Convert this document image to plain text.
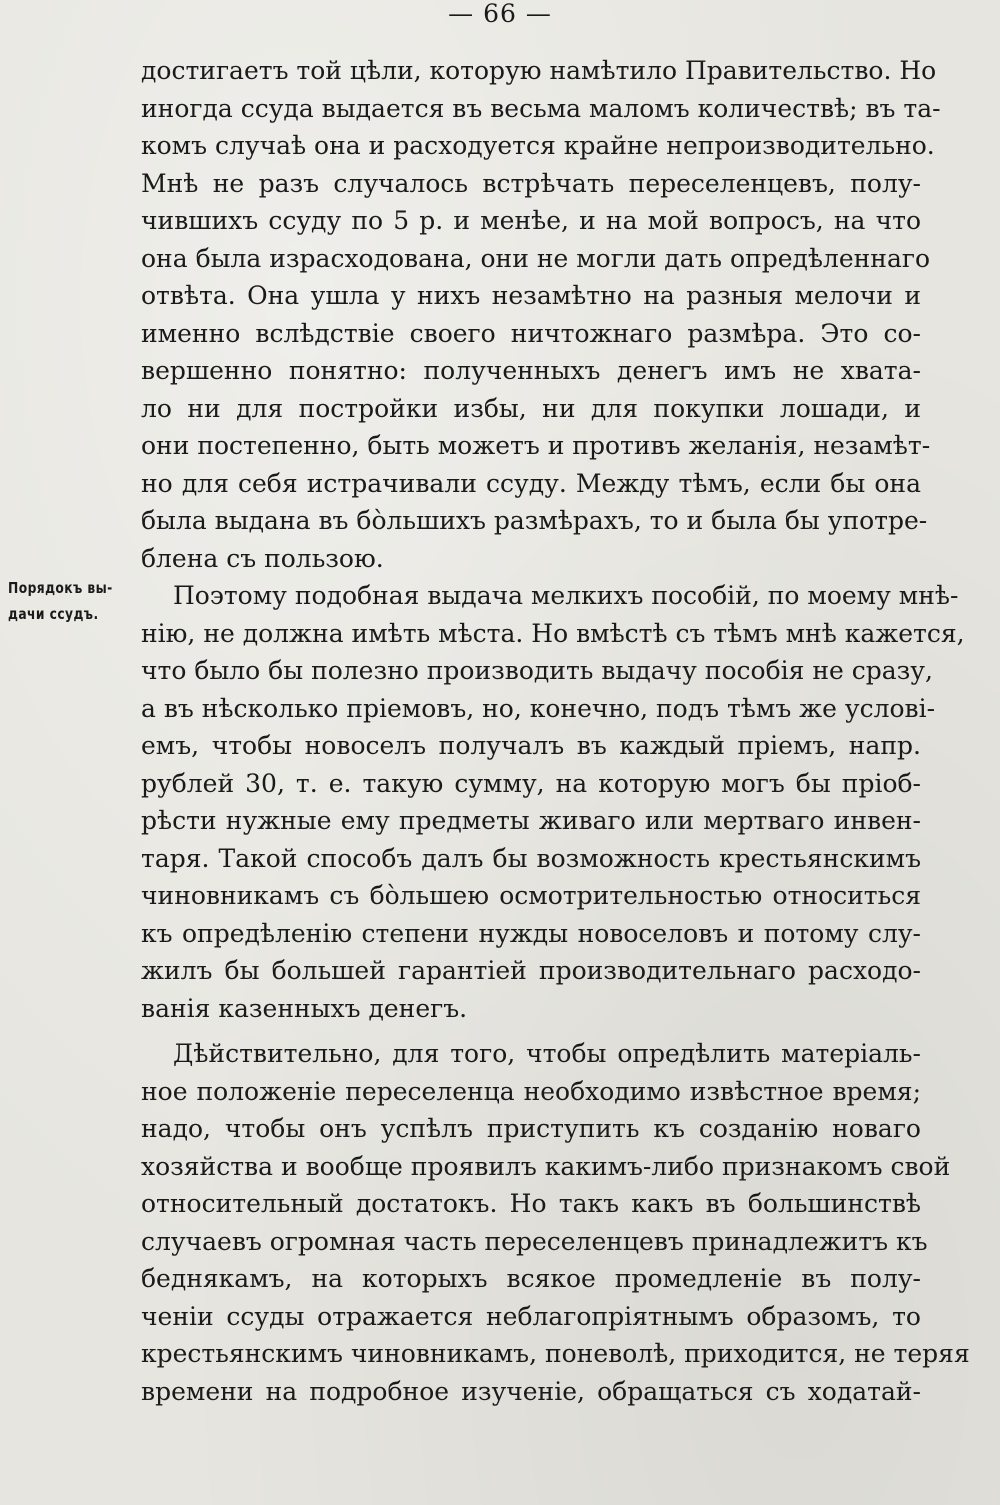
— 66 —
Порядокъ вы-
дачи ссудъ.
достигаетъ той цѣли, которую намѣтило Правительство. Но
иногда ссуда выдается въ весьма маломъ количествѣ; въ та-
комъ случаѣ она и расходуется крайне непроизводительно.
Мнѣ не разъ случалось встрѣчать переселенцевъ, полу-
чившихъ ссуду по 5 р. и менѣе, и на мой вопросъ, на что
она была израсходована, они не могли дать опредѣленнаго
отвѣта. Она ушла у нихъ незамѣтно на разныя мелочи и
именно вслѣдствіе своего ничтожнаго размѣра. Это со-
вершенно понятно: полученныхъ денегъ имъ не хвата-
ло ни для постройки избы, ни для покупки лошади, и
они постепенно, быть можетъ и противъ желанія, незамѣт-
но для себя истрачивали ссуду. Между тѣмъ, если бы она
была выдана въ бо̀льшихъ размѣрахъ, то и была бы употре-
блена съ пользою.
Поэтому подобная выдача мелкихъ пособій, по моему мнѣ-
нію, не должна имѣть мѣста. Но вмѣстѣ съ тѣмъ мнѣ кажется,
что было бы полезно производить выдачу пособія не сразу,
а въ нѣсколько пріемовъ, но, конечно, подъ тѣмъ же услові-
емъ, чтобы новоселъ получалъ въ каждый пріемъ, напр.
рублей 30, т. е. такую сумму, на которую могъ бы пріоб-
рѣсти нужные ему предметы живаго или мертваго инвен-
таря. Такой способъ далъ бы возможность крестьянскимъ
чиновникамъ съ бо̀льшею осмотрительностью относиться
къ опредѣленію степени нужды новоселовъ и потому слу-
жилъ бы большей гарантіей производительнаго расходо-
ванія казенныхъ денегъ.
Дѣйствительно, для того, чтобы опредѣлить матеріаль-
ное положеніе переселенца необходимо извѣстное время;
надо, чтобы онъ успѣлъ приступить къ созданію новаго
хозяйства и вообще проявилъ какимъ-либо признакомъ свой
относительный достатокъ. Но такъ какъ въ большинствѣ
случаевъ огромная часть переселенцевъ принадлежитъ къ
беднякамъ, на которыхъ всякое промедленіе въ полу-
ченіи ссуды отражается неблагопріятнымъ образомъ, то
крестьянскимъ чиновникамъ, поневолѣ, приходится, не теряя
времени на подробное изученіе, обращаться съ ходатай-
